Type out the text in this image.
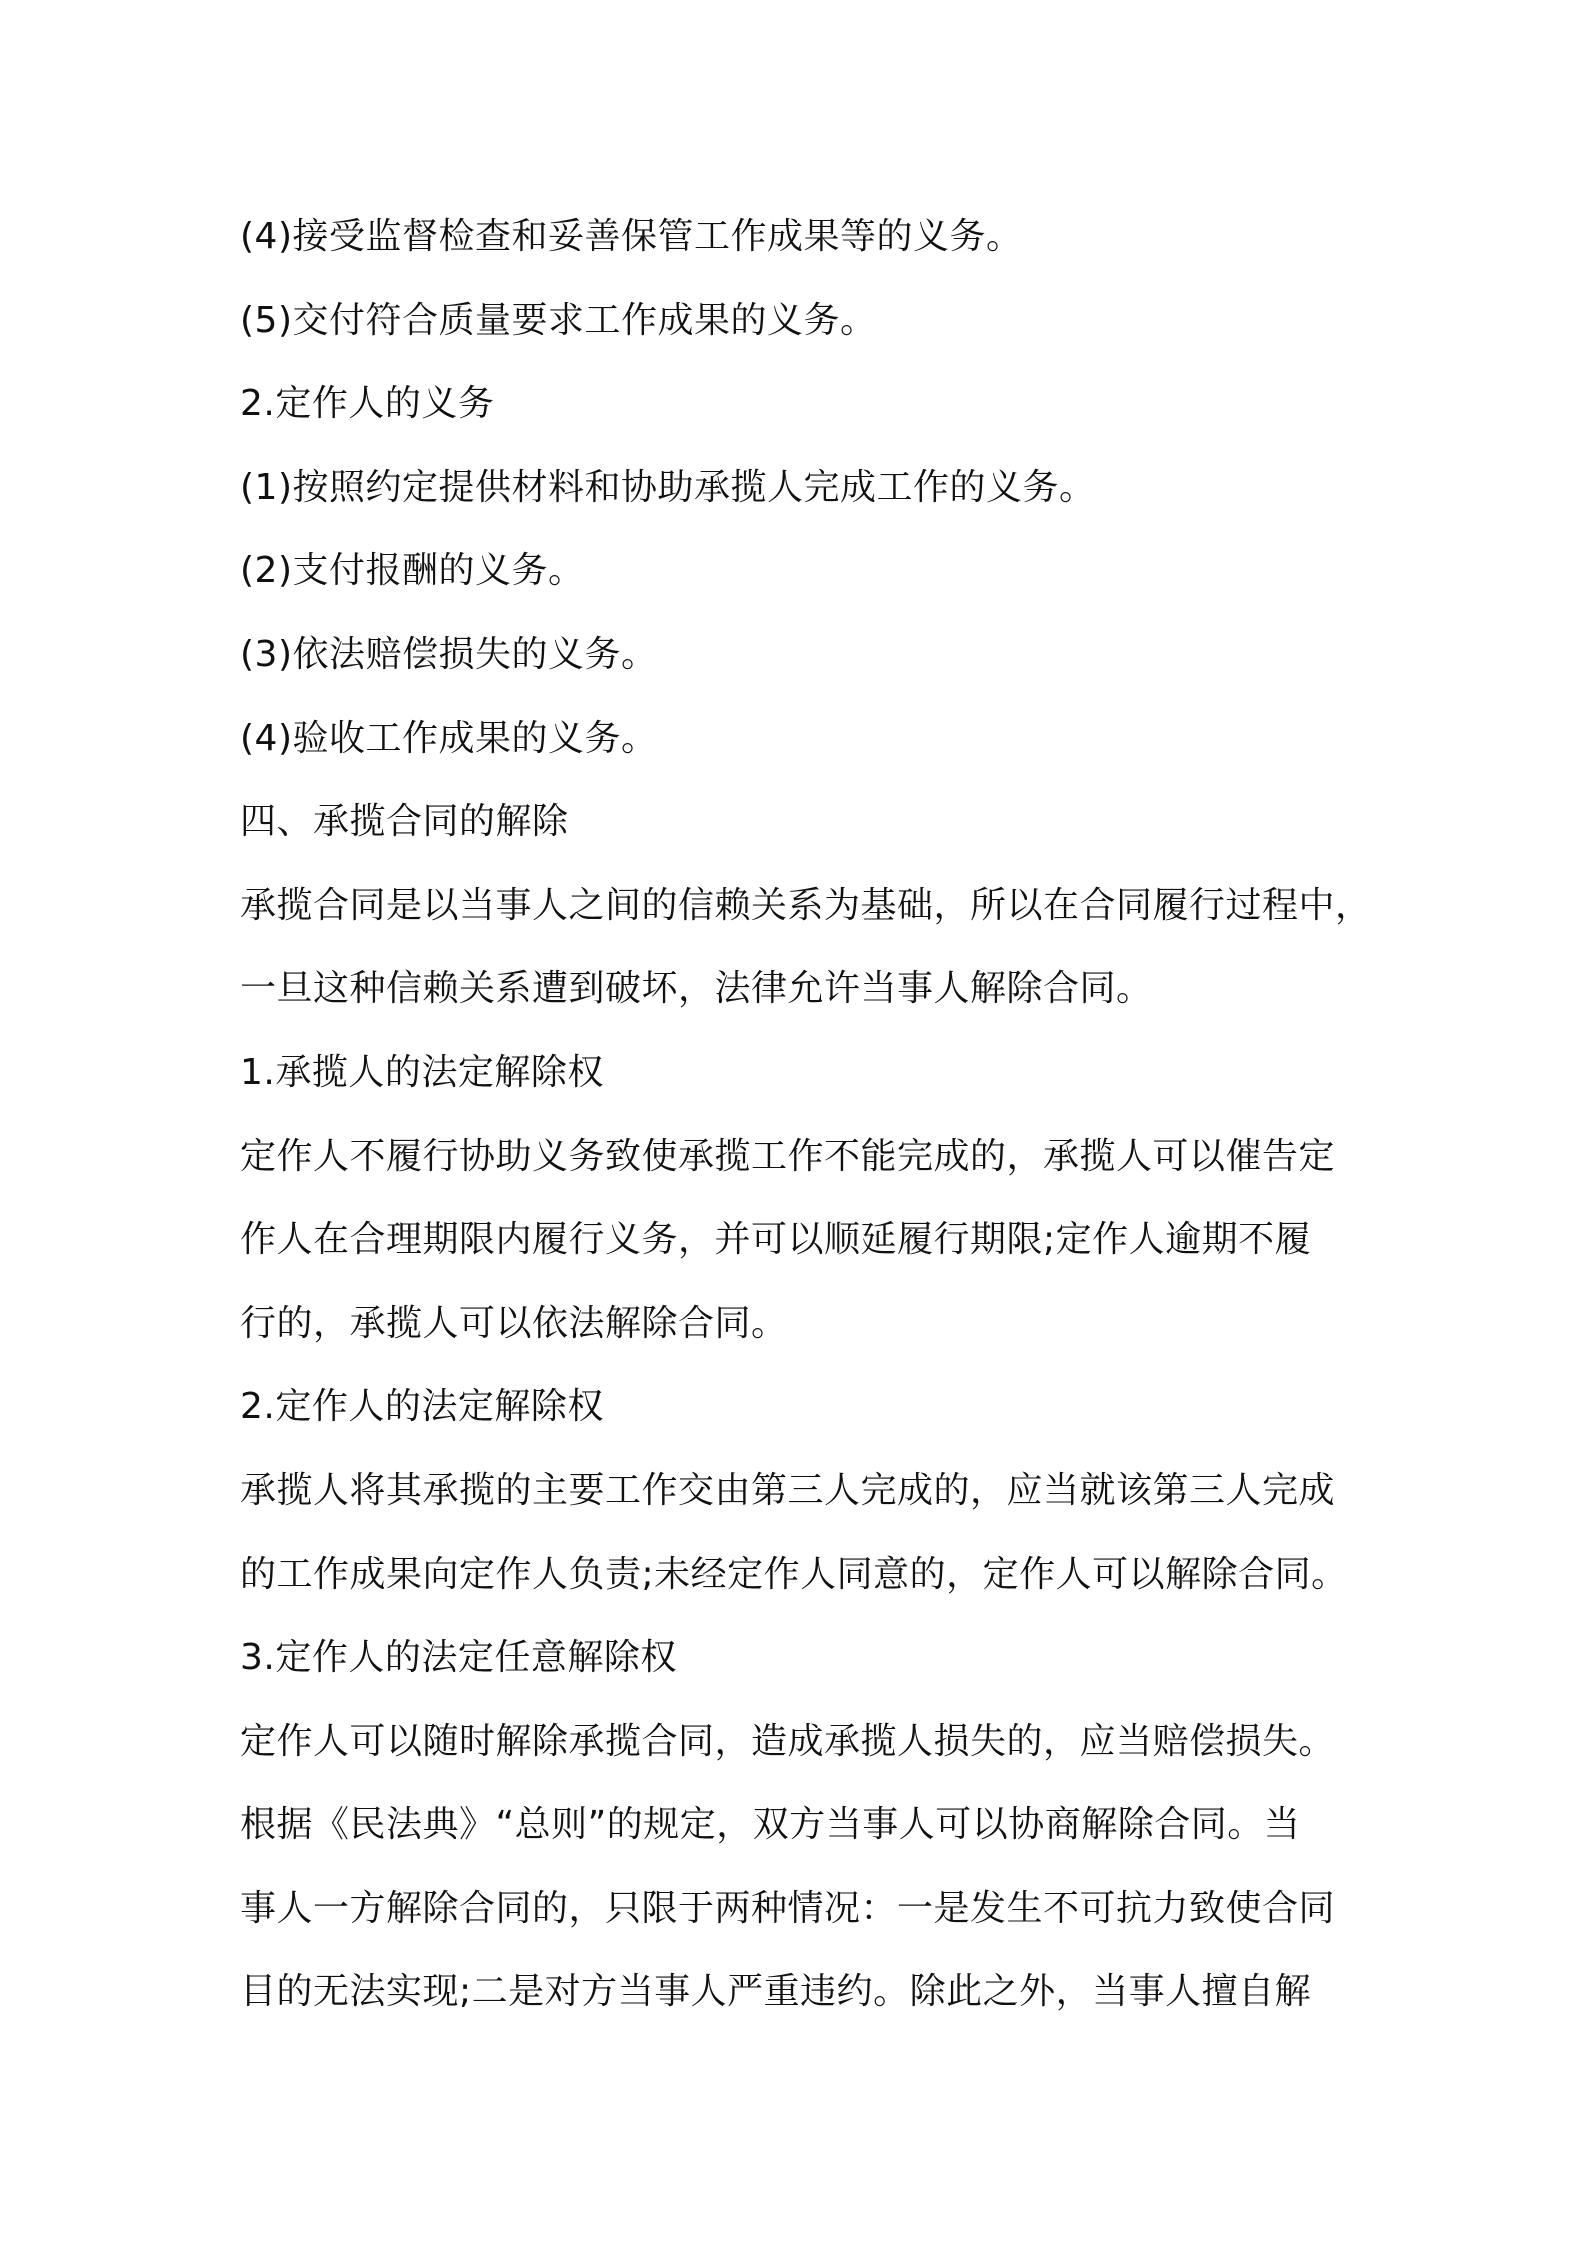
(4)接受监督检查和妥善保管工作成果等的义务。
(5)交付符合质量要求工作成果的义务。
2.定作人的义务
(1)按照约定提供材料和协助承揽人完成工作的义务。
(2)支付报酬的义务。
(3)依法赔偿损失的义务。
(4)验收工作成果的义务。
四、承揽合同的解除
承揽合同是以当事人之间的信赖关系为基础，所以在合同履行过程中，
一旦这种信赖关系遭到破坏，法律允许当事人解除合同。
1.承揽人的法定解除权
定作人不履行协助义务致使承揽工作不能完成的，承揽人可以催告定
作人在合理期限内履行义务，并可以顺延履行期限;定作人逾期不履
行的，承揽人可以依法解除合同。
2.定作人的法定解除权
承揽人将其承揽的主要工作交由第三人完成的，应当就该第三人完成
的工作成果向定作人负责;未经定作人同意的，定作人可以解除合同。
3.定作人的法定任意解除权
定作人可以随时解除承揽合同，造成承揽人损失的，应当赔偿损失。
根据《民法典》“总则”的规定，双方当事人可以协商解除合同。当
事人一方解除合同的，只限于两种情况：一是发生不可抗力致使合同
目的无法实现;二是对方当事人严重违约。除此之外，当事人擅自解
